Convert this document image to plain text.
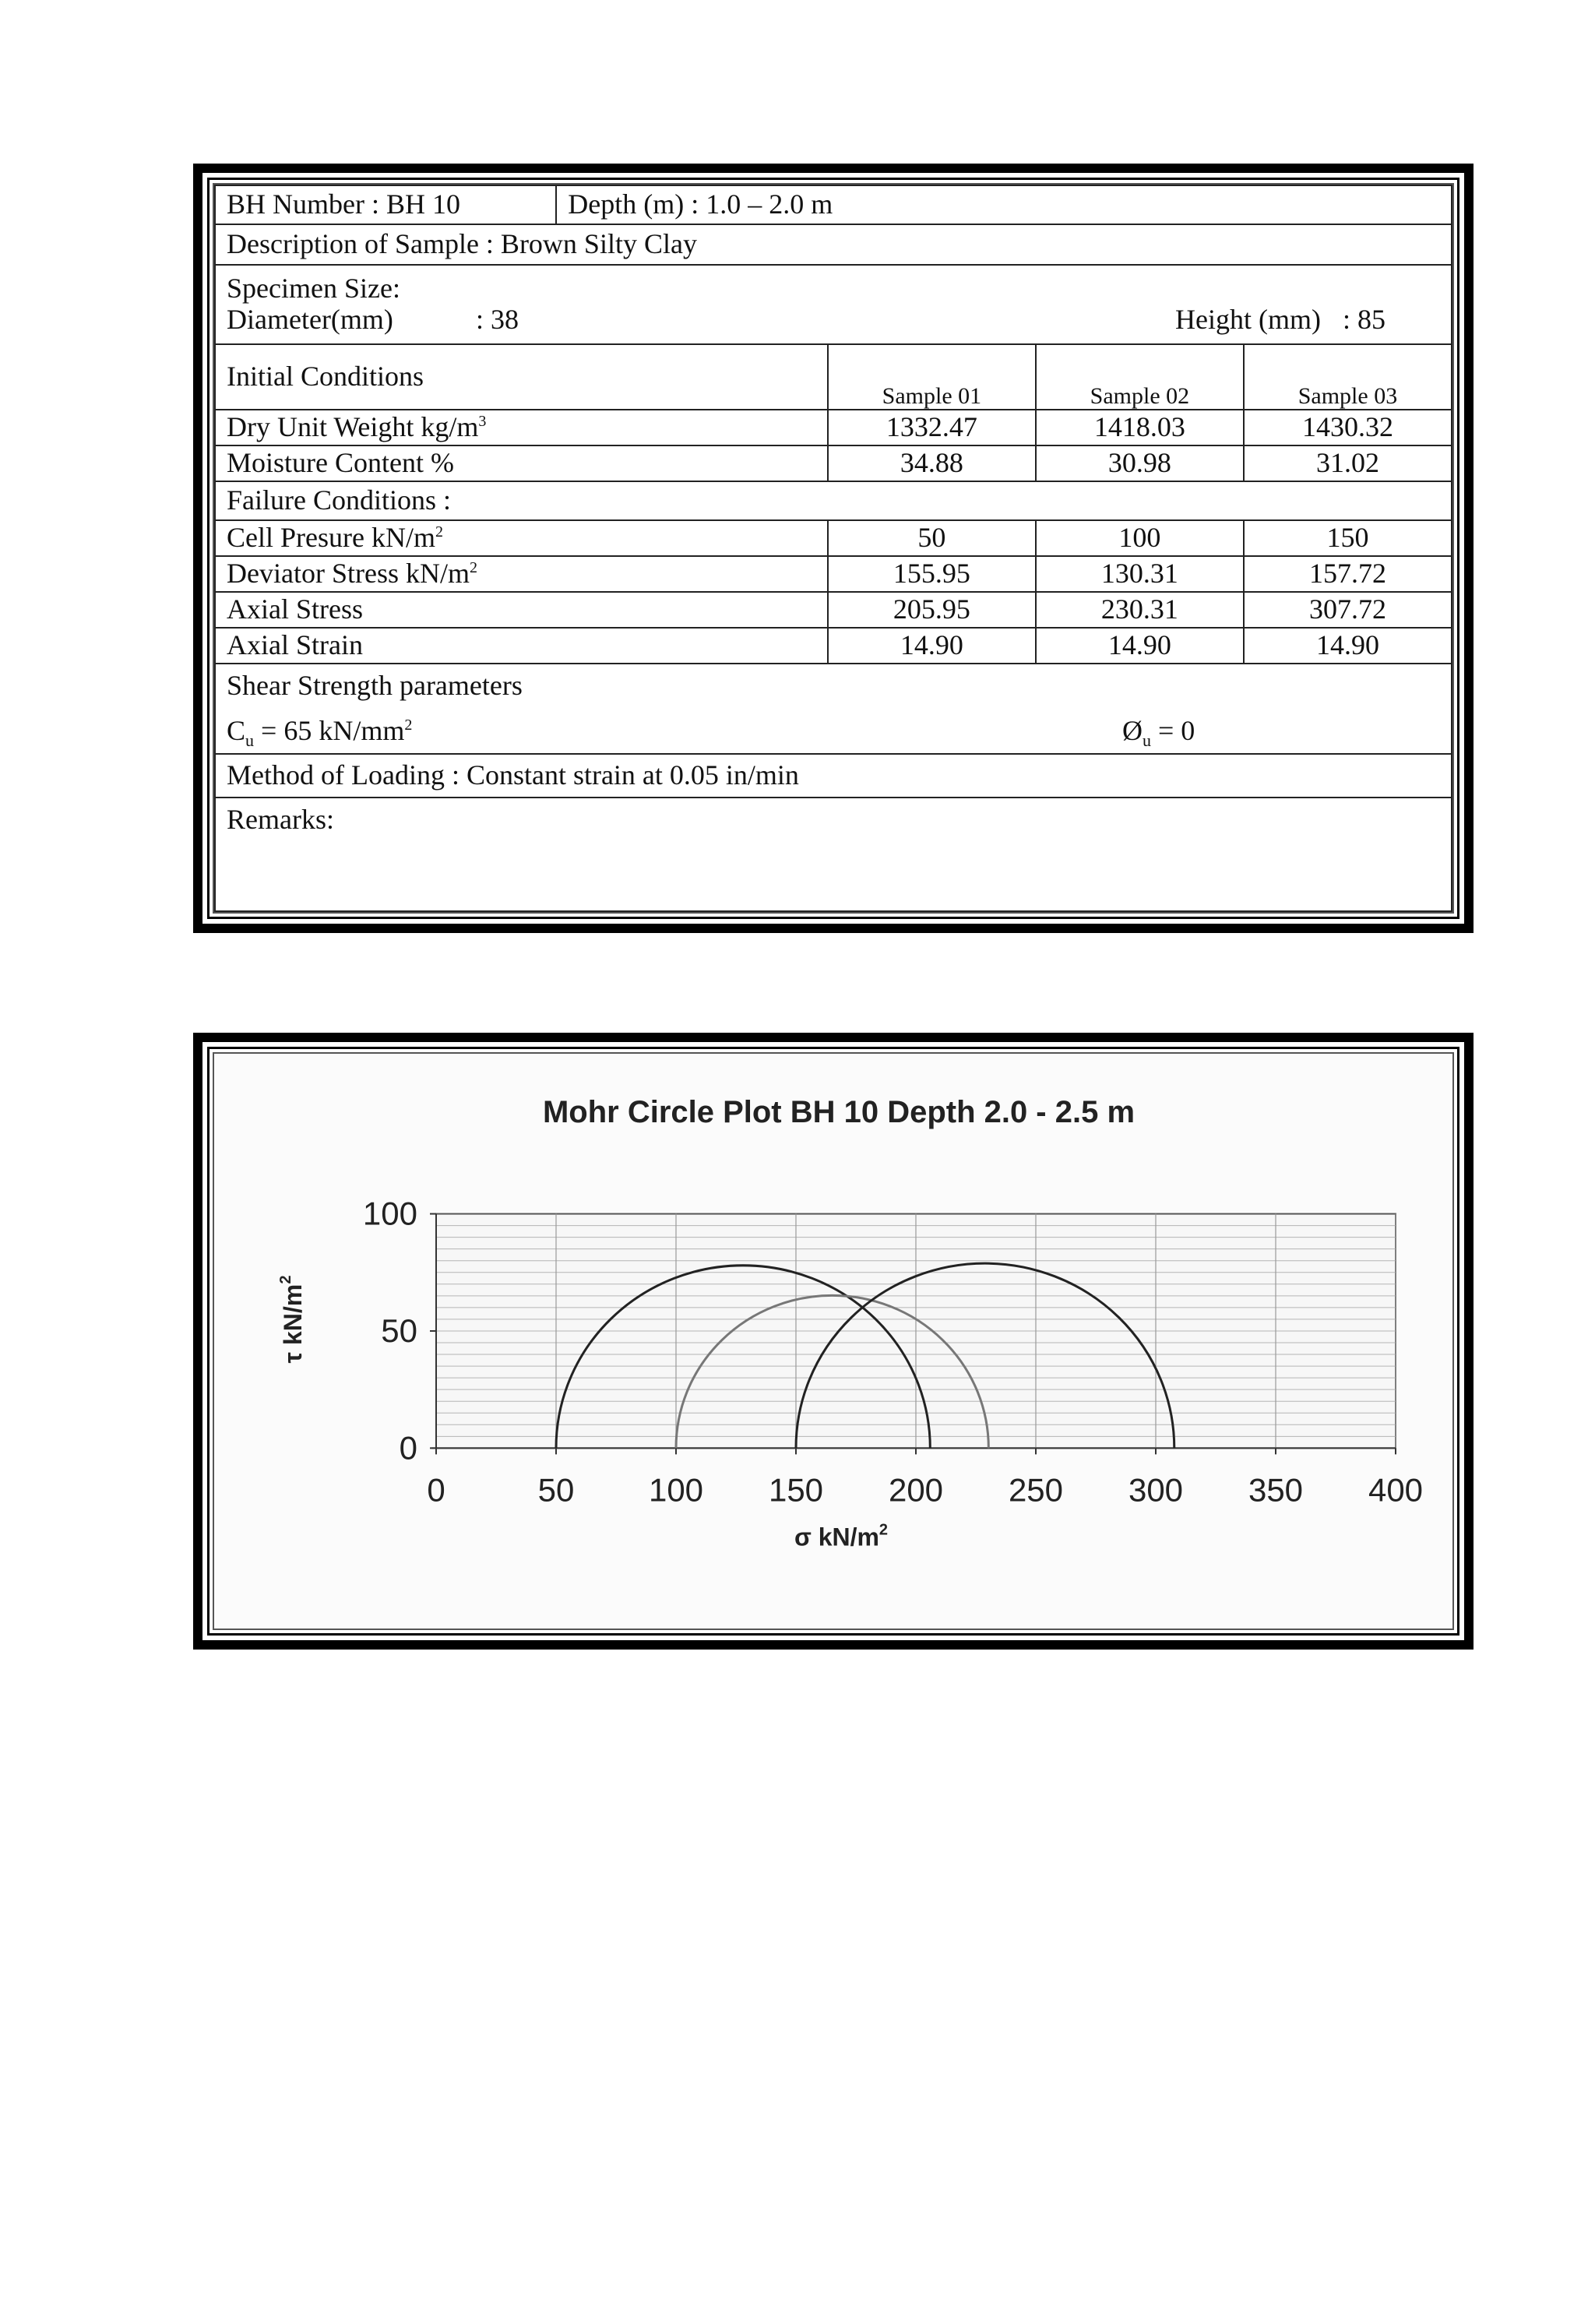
BH Number : BH 10	Depth (m) : 1.0 – 2.0 m			
Description of Sample : Brown Silty Clay				

Specimen Size:
Diameter(mm) : 38 Height (mm) : 85				

Initial Conditions		Sample 01	Sample 02	Sample 03
Dry Unit Weight $kg/m^3$		1332.47	1418.03	1430.32
Moisture Content %		34.88	30.98	31.02
Failure Conditions :				
Cell Presure $kN/m^2$		50	100	150
Deviator Stress $kN/m^2$		155.95	130.31	157.72
Axial Stress		205.95	230.31	307.72
Axial Strain		14.90	14.90	14.90

Shear Strength parameters
$C_u = 65$ $kN/mm^2$ $Ø_u = 0$				

Method of Loading : Constant strain at 0.05 in/min				
Remarks:				
Mohr Circle Plot BH 10 Depth 2.0 - 2.5 m
0	50 100 150 200 250 300 350 400
0
50
100
σ $kN/m^2$
τ $kN/m^2$
